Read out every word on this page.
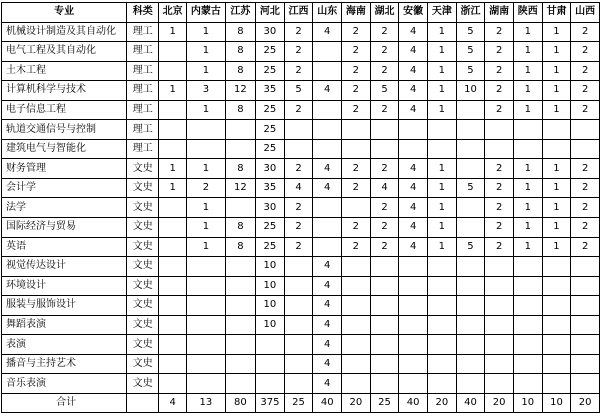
专业	科类	北京	内蒙古	江苏	河北	江西	山东	海南	湖北	安徽	天津	浙江	湖南	陕西	甘肃	山西
机械设计制造及其自动化	理工	1	1	8	30	2	4	2	2	4	1	5	2	1	1	2
电气工程及其自动化	理工		1	8	25	2		2	2	4	1	5	2	1	1	2
土木工程	理工		1	8	25	2		2	2	4	1	5	2	1	1	2
计算机科学与技术	理工	1	3	12	35	5	4	2	5	4	1	10	2	1	1	2
电子信息工程	理工		1	8	25	2		2	2	4	1		2	1	1	2
轨道交通信号与控制	理工				25											
建筑电气与智能化	理工				25											
财务管理	文史	1	1	8	30	2	4	2	2	4	1		2	1	1	2
会计学	文史	1	2	12	35	4	4	2	4	4	1	5	2	1	1	2
法学	文史		1		30	2			2	4	1		2	1	1	2
国际经济与贸易	文史		1	8	25	2		2	2	4	1		2	1	1	2
英语	文史		1	8	25	2		2	2	4	1	5	2	1	1	2
视觉传达设计	文史				10		4									
环境设计	文史				10		4									
服装与服饰设计	文史				10		4									
舞蹈表演	文史				10		4									
表演	文史						4									
播音与主持艺术	文史						4									
音乐表演	文史						4									
合计		4	13	80	375	25	40	20	25	40	20	40	20	10	10	20
